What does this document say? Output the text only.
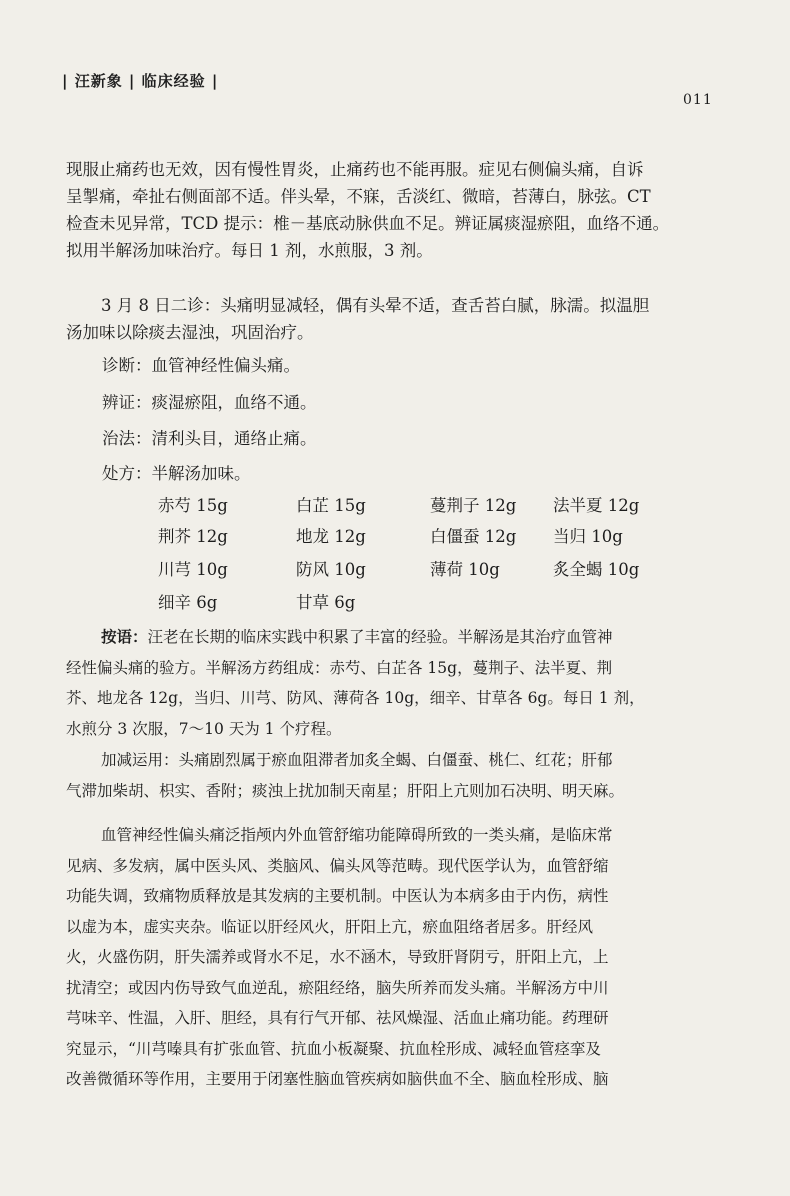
| 汪新象 | 临床经验 |
011
现服止痛药也无效，因有慢性胃炎，止痛药也不能再服。症见右侧偏头痛，自诉
呈掣痛，牵扯右侧面部不适。伴头晕，不寐，舌淡红、微暗，苔薄白，脉弦。CT
检查未见异常，TCD 提示：椎－基底动脉供血不足。辨证属痰湿瘀阻，血络不通。
拟用半解汤加味治疗。每日 1 剂，水煎服，3 剂。
3 月 8 日二诊：头痛明显减轻，偶有头晕不适，查舌苔白腻，脉濡。拟温胆
汤加味以除痰去湿浊，巩固治疗。
诊断：血管神经性偏头痛。
辨证：痰湿瘀阻，血络不通。
治法：清利头目，通络止痛。
处方：半解汤加味。
赤芍 15g	白芷 15g	蔓荆子 12g 法半夏 12g
荆芥 12g	地龙 12g	白僵蚕 12g 当归 10g
川芎 10g	防风 10g	薄荷 10g	炙全蝎 10g
细辛 6g	甘草 6g
按语：汪老在长期的临床实践中积累了丰富的经验。半解汤是其治疗血管神
经性偏头痛的验方。半解汤方药组成：赤芍、白芷各 15g，蔓荆子、法半夏、荆
芥、地龙各 12g，当归、川芎、防风、薄荷各 10g，细辛、甘草各 6g。每日 1 剂，
水煎分 3 次服，7～10 天为 1 个疗程。
加减运用：头痛剧烈属于瘀血阻滞者加炙全蝎、白僵蚕、桃仁、红花；肝郁
气滞加柴胡、枳实、香附；痰浊上扰加制天南星；肝阳上亢则加石决明、明天麻。
血管神经性偏头痛泛指颅内外血管舒缩功能障碍所致的一类头痛，是临床常
见病、多发病，属中医头风、类脑风、偏头风等范畴。现代医学认为，血管舒缩
功能失调，致痛物质释放是其发病的主要机制。中医认为本病多由于内伤，病性
以虚为本，虚实夹杂。临证以肝经风火，肝阳上亢，瘀血阻络者居多。肝经风
火，火盛伤阴，肝失濡养或肾水不足，水不涵木，导致肝肾阴亏，肝阳上亢，上
扰清空；或因内伤导致气血逆乱，瘀阻经络，脑失所养而发头痛。半解汤方中川
芎味辛、性温，入肝、胆经，具有行气开郁、祛风燥湿、活血止痛功能。药理研
究显示，“川芎嗪具有扩张血管、抗血小板凝聚、抗血栓形成、减轻血管痉挛及
改善微循环等作用，主要用于闭塞性脑血管疾病如脑供血不全、脑血栓形成、脑
